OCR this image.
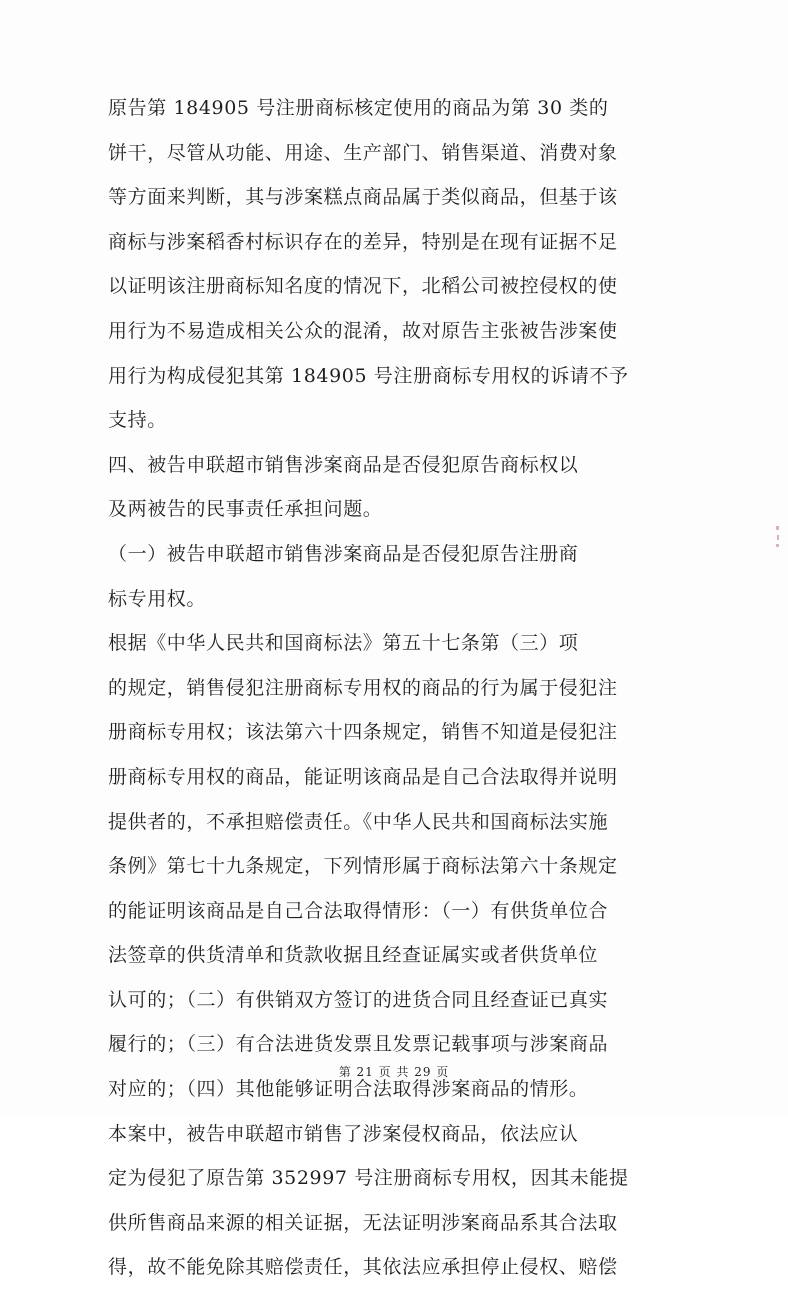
原告第 184905 号注册商标核定使用的商品为第 30 类的
饼干，尽管从功能、用途、生产部门、销售渠道、消费对象
等方面来判断，其与涉案糕点商品属于类似商品，但基于该
商标与涉案稻香村标识存在的差异，特别是在现有证据不足
以证明该注册商标知名度的情况下，北稻公司被控侵权的使
用行为不易造成相关公众的混淆，故对原告主张被告涉案使
用行为构成侵犯其第 184905 号注册商标专用权的诉请不予
支持。
四、被告申联超市销售涉案商品是否侵犯原告商标权以
及两被告的民事责任承担问题。
（一）被告申联超市销售涉案商品是否侵犯原告注册商
标专用权。
根据《中华人民共和国商标法》第五十七条第（三）项
的规定，销售侵犯注册商标专用权的商品的行为属于侵犯注
册商标专用权；该法第六十四条规定，销售不知道是侵犯注
册商标专用权的商品，能证明该商品是自己合法取得并说明
提供者的，不承担赔偿责任。《中华人民共和国商标法实施
条例》第七十九条规定，下列情形属于商标法第六十条规定
的能证明该商品是自己合法取得情形：（一）有供货单位合
法签章的供货清单和货款收据且经查证属实或者供货单位
认可的；（二）有供销双方签订的进货合同且经查证已真实
履行的；（三）有合法进货发票且发票记载事项与涉案商品
对应的；（四）其他能够证明合法取得涉案商品的情形。
本案中，被告申联超市销售了涉案侵权商品，依法应认
定为侵犯了原告第 352997 号注册商标专用权，因其未能提
供所售商品来源的相关证据，无法证明涉案商品系其合法取
得，故不能免除其赔偿责任，其依法应承担停止侵权、赔偿
第 21 页 共 29 页
